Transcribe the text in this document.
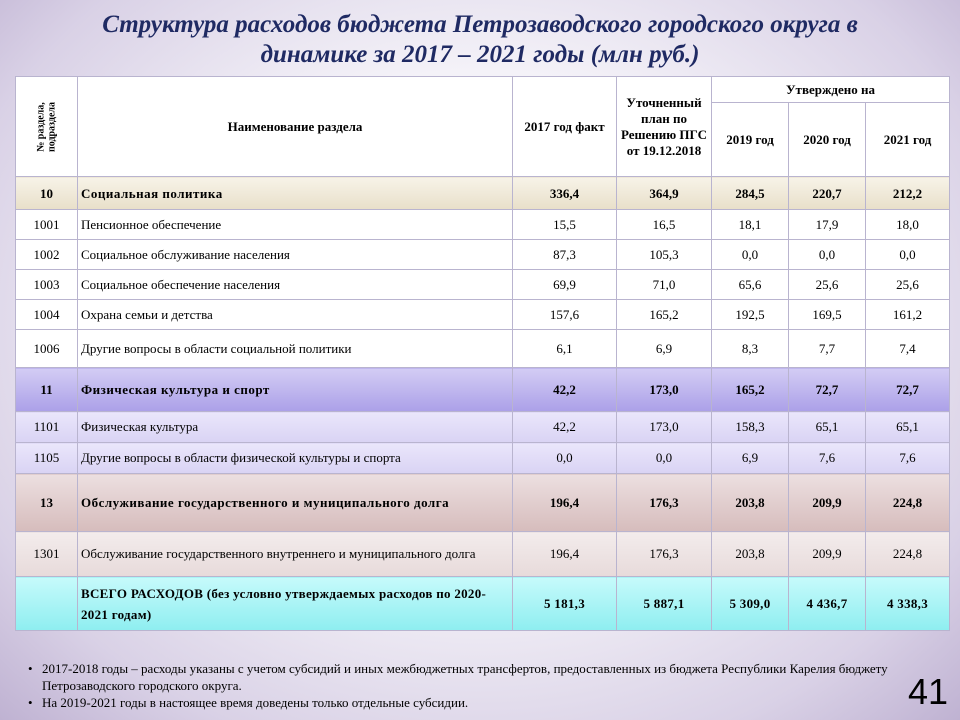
Структура расходов бюджета Петрозаводского городского округа в
динамике за 2017 – 2021 годы (млн руб.)
№ раздела, подраздела	Наименование раздела	2017 год факт	Уточненный план по Решению ПГС от 19.12.2018	Утверждено на		
				2019 год	2020 год	2021 год
10	Социальная политика	336,4	364,9	284,5	220,7	212,2
1001	Пенсионное обеспечение	15,5	16,5	18,1	17,9	18,0
1002	Социальное обслуживание населения	87,3	105,3	0,0	0,0	0,0
1003	Социальное обеспечение населения	69,9	71,0	65,6	25,6	25,6
1004	Охрана семьи и детства	157,6	165,2	192,5	169,5	161,2
1006	Другие вопросы в области социальной политики	6,1	6,9	8,3	7,7	7,4
11	Физическая культура и спорт	42,2	173,0	165,2	72,7	72,7
1101	Физическая культура	42,2	173,0	158,3	65,1	65,1
1105	Другие вопросы в области физической культуры и спорта	0,0	0,0	6,9	7,6	7,6
13	Обслуживание государственного и муниципального долга	196,4	176,3	203,8	209,9	224,8
1301	Обслуживание государственного внутреннего и муниципального долга	196,4	176,3	203,8	209,9	224,8
	ВСЕГО РАСХОДОВ (без условно утверждаемых расходов по 2020-2021 годам)	5 181,3	5 887,1	5 309,0	4 436,7	4 338,3
• 2017-2018 годы – расходы указаны с учетом субсидий и иных межбюджетных трансфертов, предоставленных из бюджета Республики Карелия бюджету Петрозаводского городского округа.
• На 2019-2021 годы в настоящее время доведены только отдельные субсидии.	41
